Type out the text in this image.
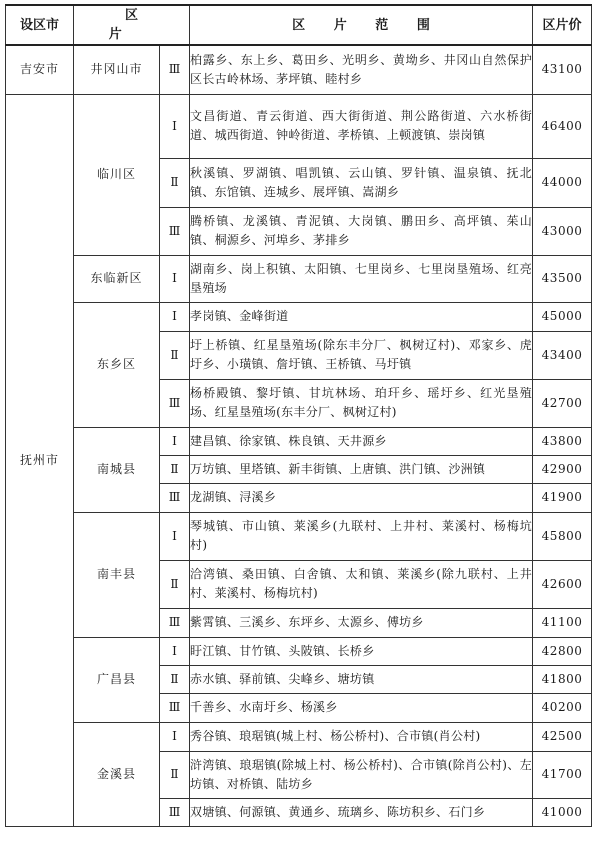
设区市	区片		区片范围	区片价
吉安市	井冈山市	Ⅲ	柏露乡、东上乡、葛田乡、光明乡、黄坳乡、井冈山自然保护区长古岭林场、茅坪镇、睦村乡	43100
抚州市	临川区	Ⅰ	文昌街道、青云街道、西大街街道、荆公路街道、六水桥街道、城西街道、钟岭街道、孝桥镇、上顿渡镇、崇岗镇	46400
		Ⅱ	秋溪镇、罗湖镇、唱凯镇、云山镇、罗针镇、温泉镇、抚北镇、东馆镇、连城乡、展坪镇、嵩湖乡	44000
		Ⅲ	腾桥镇、龙溪镇、青泥镇、大岗镇、鹏田乡、高坪镇、茱山镇、桐源乡、河埠乡、茅排乡	43000
	东临新区	Ⅰ	湖南乡、岗上积镇、太阳镇、七里岗乡、七里岗垦殖场、红亮垦殖场	43500
	东乡区	Ⅰ	孝岗镇、金峰街道	45000
		Ⅱ	圩上桥镇、红星垦殖场(除东丰分厂、枫树辽村)、邓家乡、虎圩乡、小璜镇、詹圩镇、王桥镇、马圩镇	43400
		Ⅲ	杨桥殿镇、黎圩镇、甘坑林场、珀玕乡、瑶圩乡、红光垦殖场、红星垦殖场(东丰分厂、枫树辽村)	42700
	南城县	Ⅰ	建昌镇、徐家镇、株良镇、天井源乡	43800
		Ⅱ	万坊镇、里塔镇、新丰街镇、上唐镇、洪门镇、沙洲镇	42900
		Ⅲ	龙湖镇、浔溪乡	41900
	南丰县	Ⅰ	琴城镇、市山镇、莱溪乡(九联村、上井村、莱溪村、杨梅坑村)	45800
		Ⅱ	洽湾镇、桑田镇、白舍镇、太和镇、莱溪乡(除九联村、上井村、莱溪村、杨梅坑村)	42600
		Ⅲ	紫霄镇、三溪乡、东坪乡、太源乡、傅坊乡	41100
	广昌县	Ⅰ	盱江镇、甘竹镇、头陂镇、长桥乡	42800
		Ⅱ	赤水镇、驿前镇、尖峰乡、塘坊镇	41800
		Ⅲ	千善乡、水南圩乡、杨溪乡	40200
	金溪县	Ⅰ	秀谷镇、琅琚镇(城上村、杨公桥村)、合市镇(肖公村)	42500
		Ⅱ	浒湾镇、琅琚镇(除城上村、杨公桥村)、合市镇(除肖公村)、左坊镇、对桥镇、陆坊乡	41700
		Ⅲ	双塘镇、何源镇、黄通乡、琉璃乡、陈坊积乡、石门乡	41000
